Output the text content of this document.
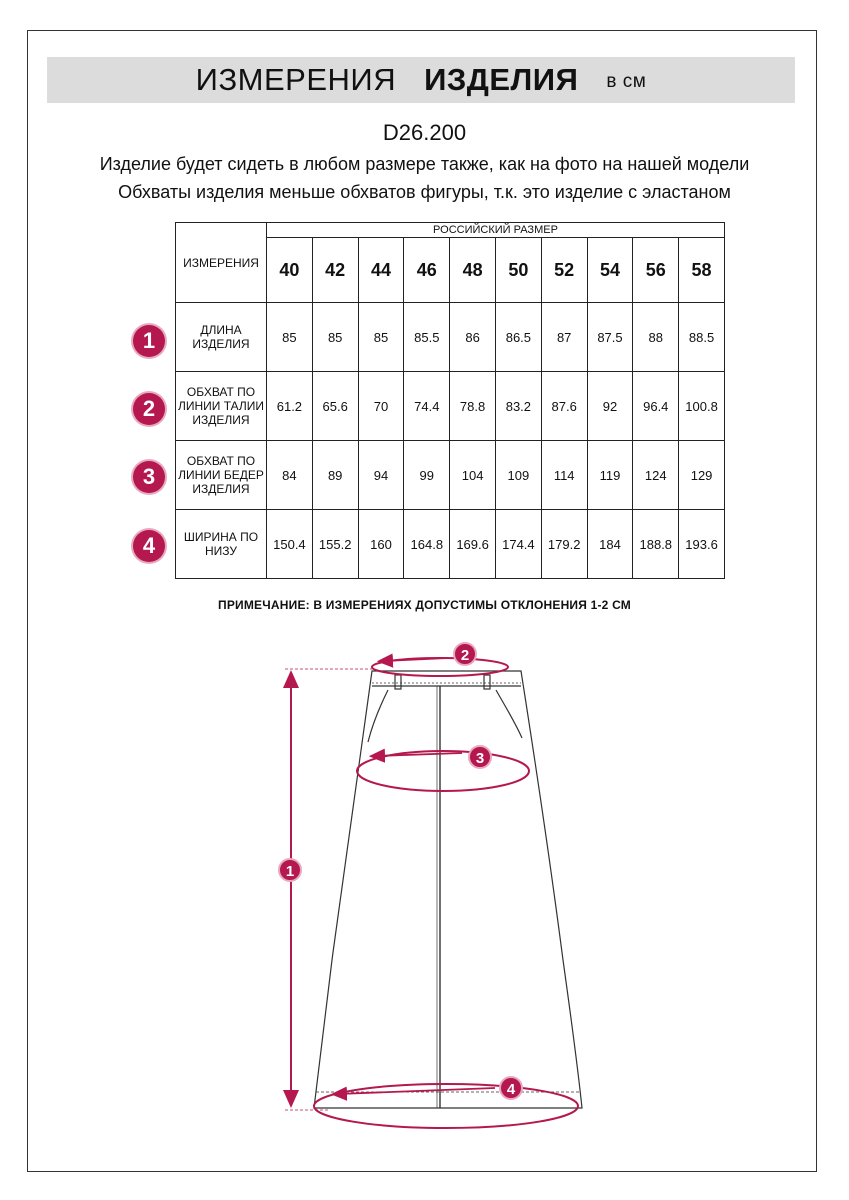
ИЗМЕРЕНИЯ ИЗДЕЛИЯ в см
D26.200
Изделие будет сидеть в любом размере также, как на фото на нашей модели
Обхваты изделия меньше обхватов фигуры, т.к. это изделие с эластаном
ИЗМЕРЕНИЯ	РОССИЙСКИЙ РАЗМЕР									
	40	42	44	46	48	50	52	54	56	58
ДЛИНА ИЗДЕЛИЯ	85	85	85	85.5	86	86.5	87	87.5	88	88.5
ОБХВАТ ПО ЛИНИИ ТАЛИИ ИЗДЕЛИЯ	61.2	65.6	70	74.4	78.8	83.2	87.6	92	96.4	100.8
ОБХВАТ ПО ЛИНИИ БЕДЕР ИЗДЕЛИЯ	84	89	94	99	104	109	114	119	124	129
ШИРИНА ПО НИЗУ	150.4	155.2	160	164.8	169.6	174.4	179.2	184	188.8	193.6
1
2
3
4
ПРИМЕЧАНИЕ: В ИЗМЕРЕНИЯХ ДОПУСТИМЫ ОТКЛОНЕНИЯ 1-2 СМ
2
3
1
4
